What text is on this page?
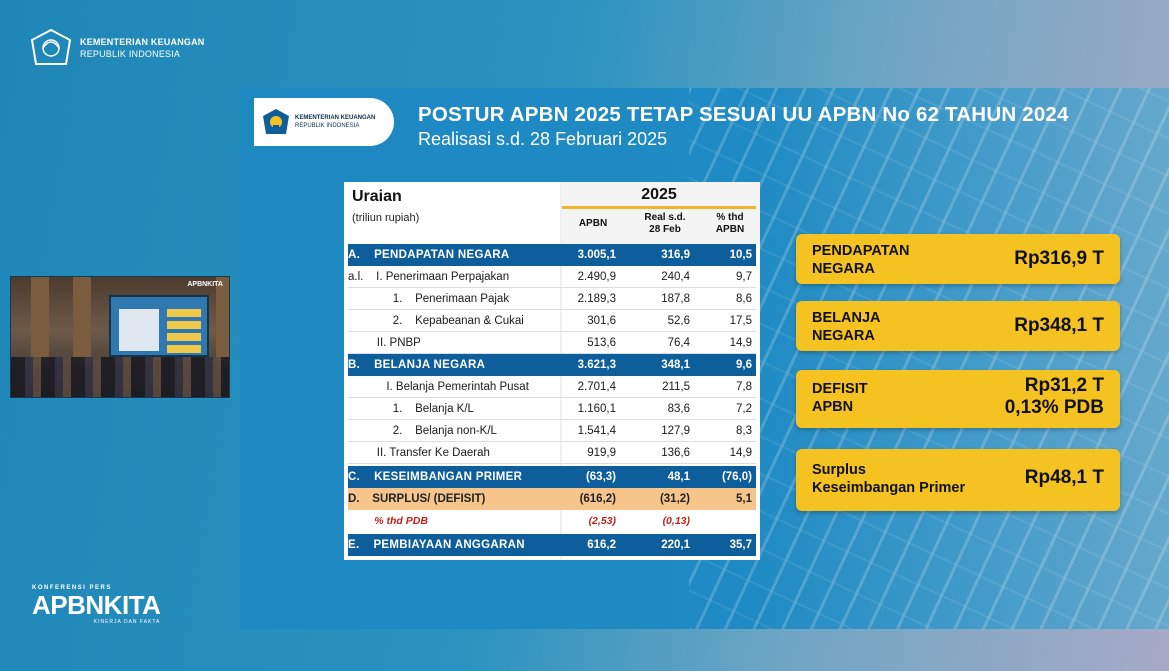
KEMENTERIAN KEUANGAN
REPUBLIK INDONESIA
APBNKITA
KONFERENSI PERS
APBNKITA
KINERJA DAN FAKTA
KEMENTERIAN KEUANGAN
REPUBLIK INDONESIA	POSTUR APBN 2025 TETAP SESUAI UU APBN No 62 TAHUN 2024
Realisasi s.d. 28 Februari 2025
Uraian
(triliun rupiah)
2025
APBN
Real s.d.
28 Feb
% thd
APBN
A.    PENDAPATAN NEGARA	3.005,1	316,9	10,5
a.l.    I. Penerimaan Perpajakan	2.490,9	240,4	9,7
1.    Penerimaan Pajak	2.189,3	187,8	8,6
2.    Kepabeanan & Cukai	301,6	52,6	17,5
II. PNBP	513,6	76,4	14,9
B.    BELANJA NEGARA	3.621,3	348,1	9,6
I. Belanja Pemerintah Pusat	2.701,4	211,5	7,8
1.    Belanja K/L	1.160,1	83,6	7,2
2.    Belanja non-K/L	1.541,4	127,9	8,3
II. Transfer Ke Daerah	919,9	136,6	14,9
C.    KESEIMBANGAN PRIMER	(63,3)	48,1	(76,0)
D.    SURPLUS/ (DEFISIT)	(616,2)	(31,2)	5,1
% thd PDB	(2,53)	(0,13)
E.    PEMBIAYAAN ANGGARAN	616,2	220,1	35,7
PENDAPATAN
NEGARA	Rp316,9 T
BELANJA
NEGARA	Rp348,1 T
DEFISIT
APBN
Rp31,2 T
0,13% PDB
Surplus
Keseimbangan Primer	Rp48,1 T
